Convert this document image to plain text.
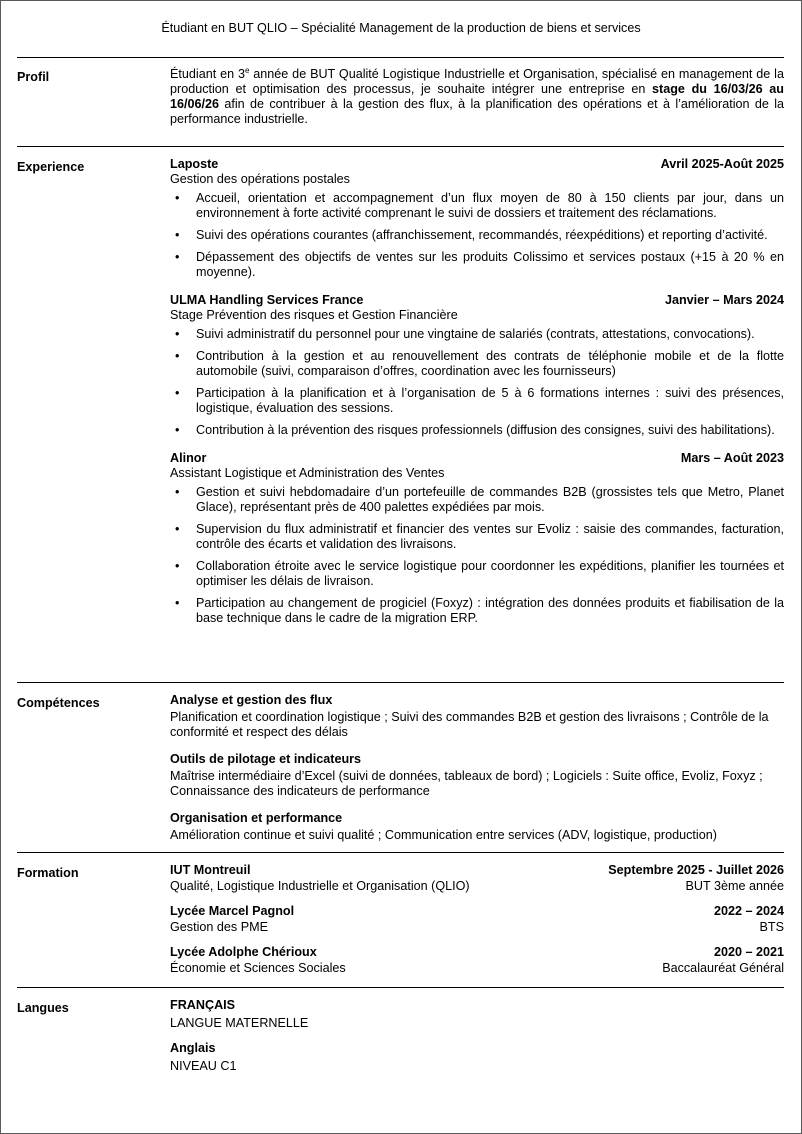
Étudiant en BUT QLIO – Spécialité Management de la production de biens et services
Profil	Étudiant en 3e année de BUT Qualité Logistique Industrielle et Organisation, spécialisé en management de la production et optimisation des processus, je souhaite intégrer une entreprise en stage du 16/03/26 au 16/06/26 afin de contribuer à la gestion des flux, à la planification des opérations et à l’amélioration de la performance industrielle.
Experience	Laposte	Avril 2025-Août 2025
Gestion des opérations postales
• Accueil, orientation et accompagnement d’un flux moyen de 80 à 150 clients par jour, dans un environnement à forte activité comprenant le suivi de dossiers et traitement des réclamations.
• Suivi des opérations courantes (affranchissement, recommandés, réexpéditions) et reporting d’activité.
• Dépassement des objectifs de ventes sur les produits Colissimo et services postaux (+15 à 20 % en moyenne).
ULMA Handling Services France	Janvier – Mars 2024
Stage Prévention des risques et Gestion Financière
• Suivi administratif du personnel pour une vingtaine de salariés (contrats, attestations, convocations).
• Contribution à la gestion et au renouvellement des contrats de téléphonie mobile et de la flotte automobile (suivi, comparaison d’offres, coordination avec les fournisseurs)
• Participation à la planification et à l’organisation de 5 à 6 formations internes : suivi des présences, logistique, évaluation des sessions.
• Contribution à la prévention des risques professionnels (diffusion des consignes, suivi des habilitations).
Alinor	Mars – Août 2023
Assistant Logistique et Administration des Ventes
• Gestion et suivi hebdomadaire d’un portefeuille de commandes B2B (grossistes tels que Metro, Planet Glace), représentant près de 400 palettes expédiées par mois.
• Supervision du flux administratif et financier des ventes sur Evoliz : saisie des commandes, facturation, contrôle des écarts et validation des livraisons.
• Collaboration étroite avec le service logistique pour coordonner les expéditions, planifier les tournées et optimiser les délais de livraison.
• Participation au changement de progiciel (Foxyz) : intégration des données produits et fiabilisation de la base technique dans le cadre de la migration ERP.
Compétences	Analyse et gestion des flux
Planification et coordination logistique ; Suivi des commandes B2B et gestion des livraisons ; Contrôle de la conformité et respect des délais
Outils de pilotage et indicateurs
Maîtrise intermédiaire d’Excel (suivi de données, tableaux de bord) ; Logiciels : Suite office, Evoliz, Foxyz ; Connaissance des indicateurs de performance
Organisation et performance
Amélioration continue et suivi qualité ; Communication entre services (ADV, logistique, production)
Formation	IUT Montreuil	Septembre 2025 - Juillet 2026
Qualité, Logistique Industrielle et Organisation (QLIO)	BUT 3ème année
Lycée Marcel Pagnol	2022 – 2024
Gestion des PME	BTS
Lycée Adolphe Chérioux	2020 – 2021
Économie et Sciences Sociales	Baccalauréat Général
Langues	FRANÇAIS
LANGUE MATERNELLE
Anglais
NIVEAU C1
